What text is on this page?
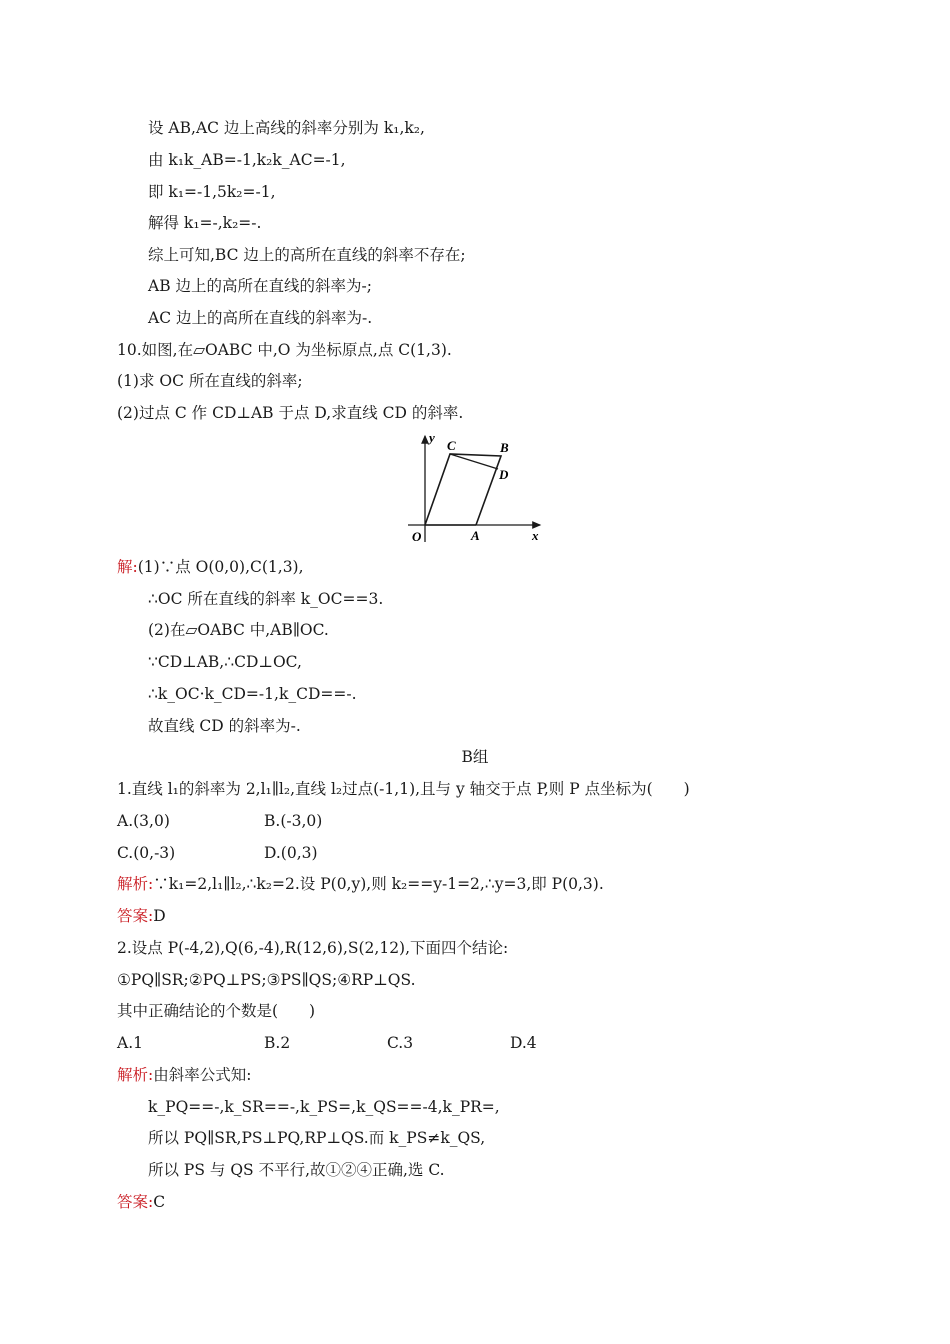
设 AB,AC 边上高线的斜率分别为 k₁,k₂,
由 k₁k_AB=-1,k₂k_AC=-1,
即 k₁=-1,5k₂=-1,
解得 k₁=-,k₂=-.
综上可知,BC 边上的高所在直线的斜率不存在;
AB 边上的高所在直线的斜率为-;
AC 边上的高所在直线的斜率为-.
10.如图,在▱OABC 中,O 为坐标原点,点 C(1,3).
(1)求 OC 所在直线的斜率;
(2)过点 C 作 CD⊥AB 于点 D,求直线 CD 的斜率.
y
x
O	A
B
C
D
解:(1)∵点 O(0,0),C(1,3),
∴OC 所在直线的斜率 k_OC==3.
(2)在▱OABC 中,AB∥OC.
∵CD⊥AB,∴CD⊥OC,
∴k_OC·k_CD=-1,k_CD==-.
故直线 CD 的斜率为-.
B组
1.直线 l₁的斜率为 2,l₁∥l₂,直线 l₂过点(-1,1),且与 y 轴交于点 P,则 P 点坐标为(　　)
A.(3,0)	B.(-3,0)
C.(0,-3)	D.(0,3)
解析:∵k₁=2,l₁∥l₂,∴k₂=2.设 P(0,y),则 k₂==y-1=2,∴y=3,即 P(0,3).
答案:D
2.设点 P(-4,2),Q(6,-4),R(12,6),S(2,12),下面四个结论:
①PQ∥SR;②PQ⊥PS;③PS∥QS;④RP⊥QS.
其中正确结论的个数是(　　)
A.1	B.2	C.3	D.4
解析:由斜率公式知:
k_PQ==-,k_SR==-,k_PS=,k_QS==-4,k_PR=,
所以 PQ∥SR,PS⊥PQ,RP⊥QS.而 k_PS≠k_QS,
所以 PS 与 QS 不平行,故①②④正确,选 C.
答案:C
